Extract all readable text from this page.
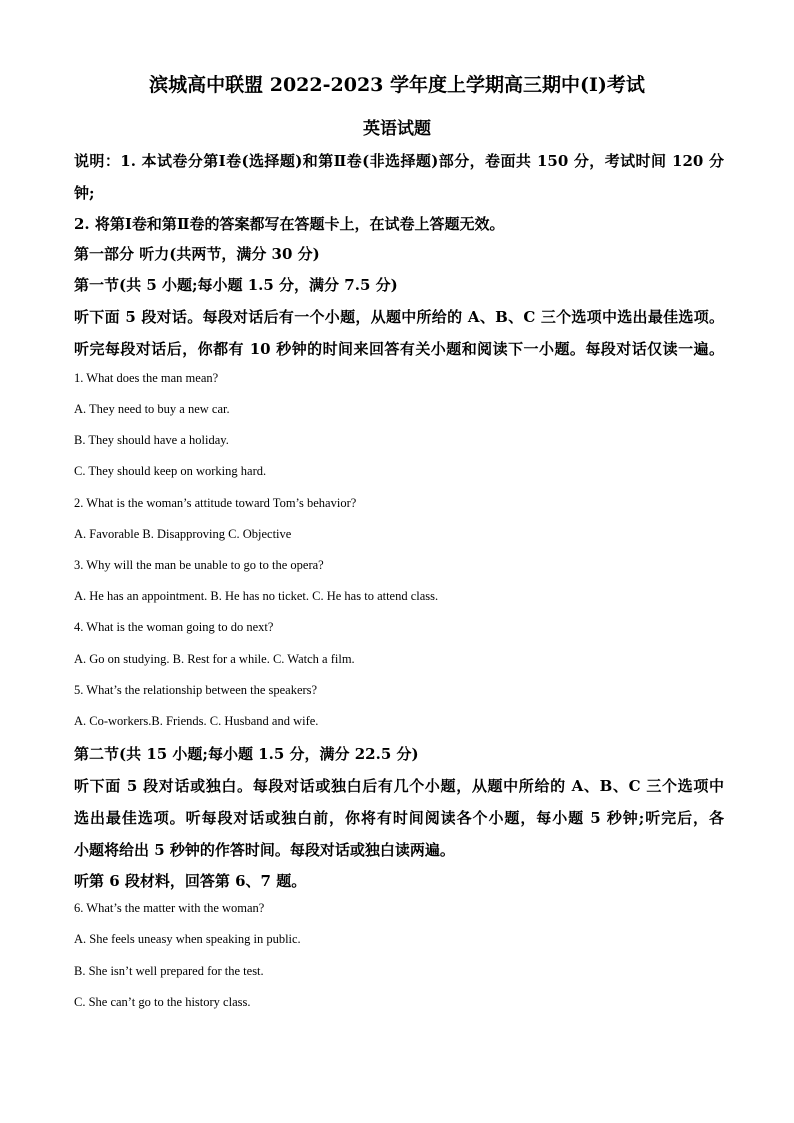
滨城高中联盟 2022-2023 学年度上学期高三期中(Ⅰ)考试
英语试题
说明：1. 本试卷分第Ⅰ卷(选择题)和第Ⅱ卷(非选择题)部分，卷面共 150 分，考试时间 120 分
钟;
2. 将第Ⅰ卷和第Ⅱ卷的答案都写在答题卡上，在试卷上答题无效。
第一部分 听力(共两节，满分 30 分)
第一节(共 5 小题;每小题 1.5 分，满分 7.5 分)
听下面 5 段对话。每段对话后有一个小题，从题中所给的 A、B、C 三个选项中选出最佳选项。
听完每段对话后，你都有 10 秒钟的时间来回答有关小题和阅读下一小题。每段对话仅读一遍。
1. What does the man mean?
A. They need to buy a new car.
B. They should have a holiday.
C. They should keep on working hard.
2. What is the woman’s attitude toward Tom’s behavior?
A. Favorable B. Disapproving C. Objective
3. Why will the man be unable to go to the opera?
A. He has an appointment. B. He has no ticket. C. He has to attend class.
4. What is the woman going to do next?
A. Go on studying. B. Rest for a while. C. Watch a film.
5. What’s the relationship between the speakers?
A. Co-workers.B. Friends. C. Husband and wife.
第二节(共 15 小题;每小题 1.5 分，满分 22.5 分)
听下面 5 段对话或独白。每段对话或独白后有几个小题，从题中所给的 A、B、C 三个选项中
选出最佳选项。听每段对话或独白前，你将有时间阅读各个小题，每小题 5 秒钟;听完后，各
小题将给出 5 秒钟的作答时间。每段对话或独白读两遍。
听第 6 段材料，回答第 6、7 题。
6. What’s the matter with the woman?
A. She feels uneasy when speaking in public.
B. She isn’t well prepared for the test.
C. She can’t go to the history class.
